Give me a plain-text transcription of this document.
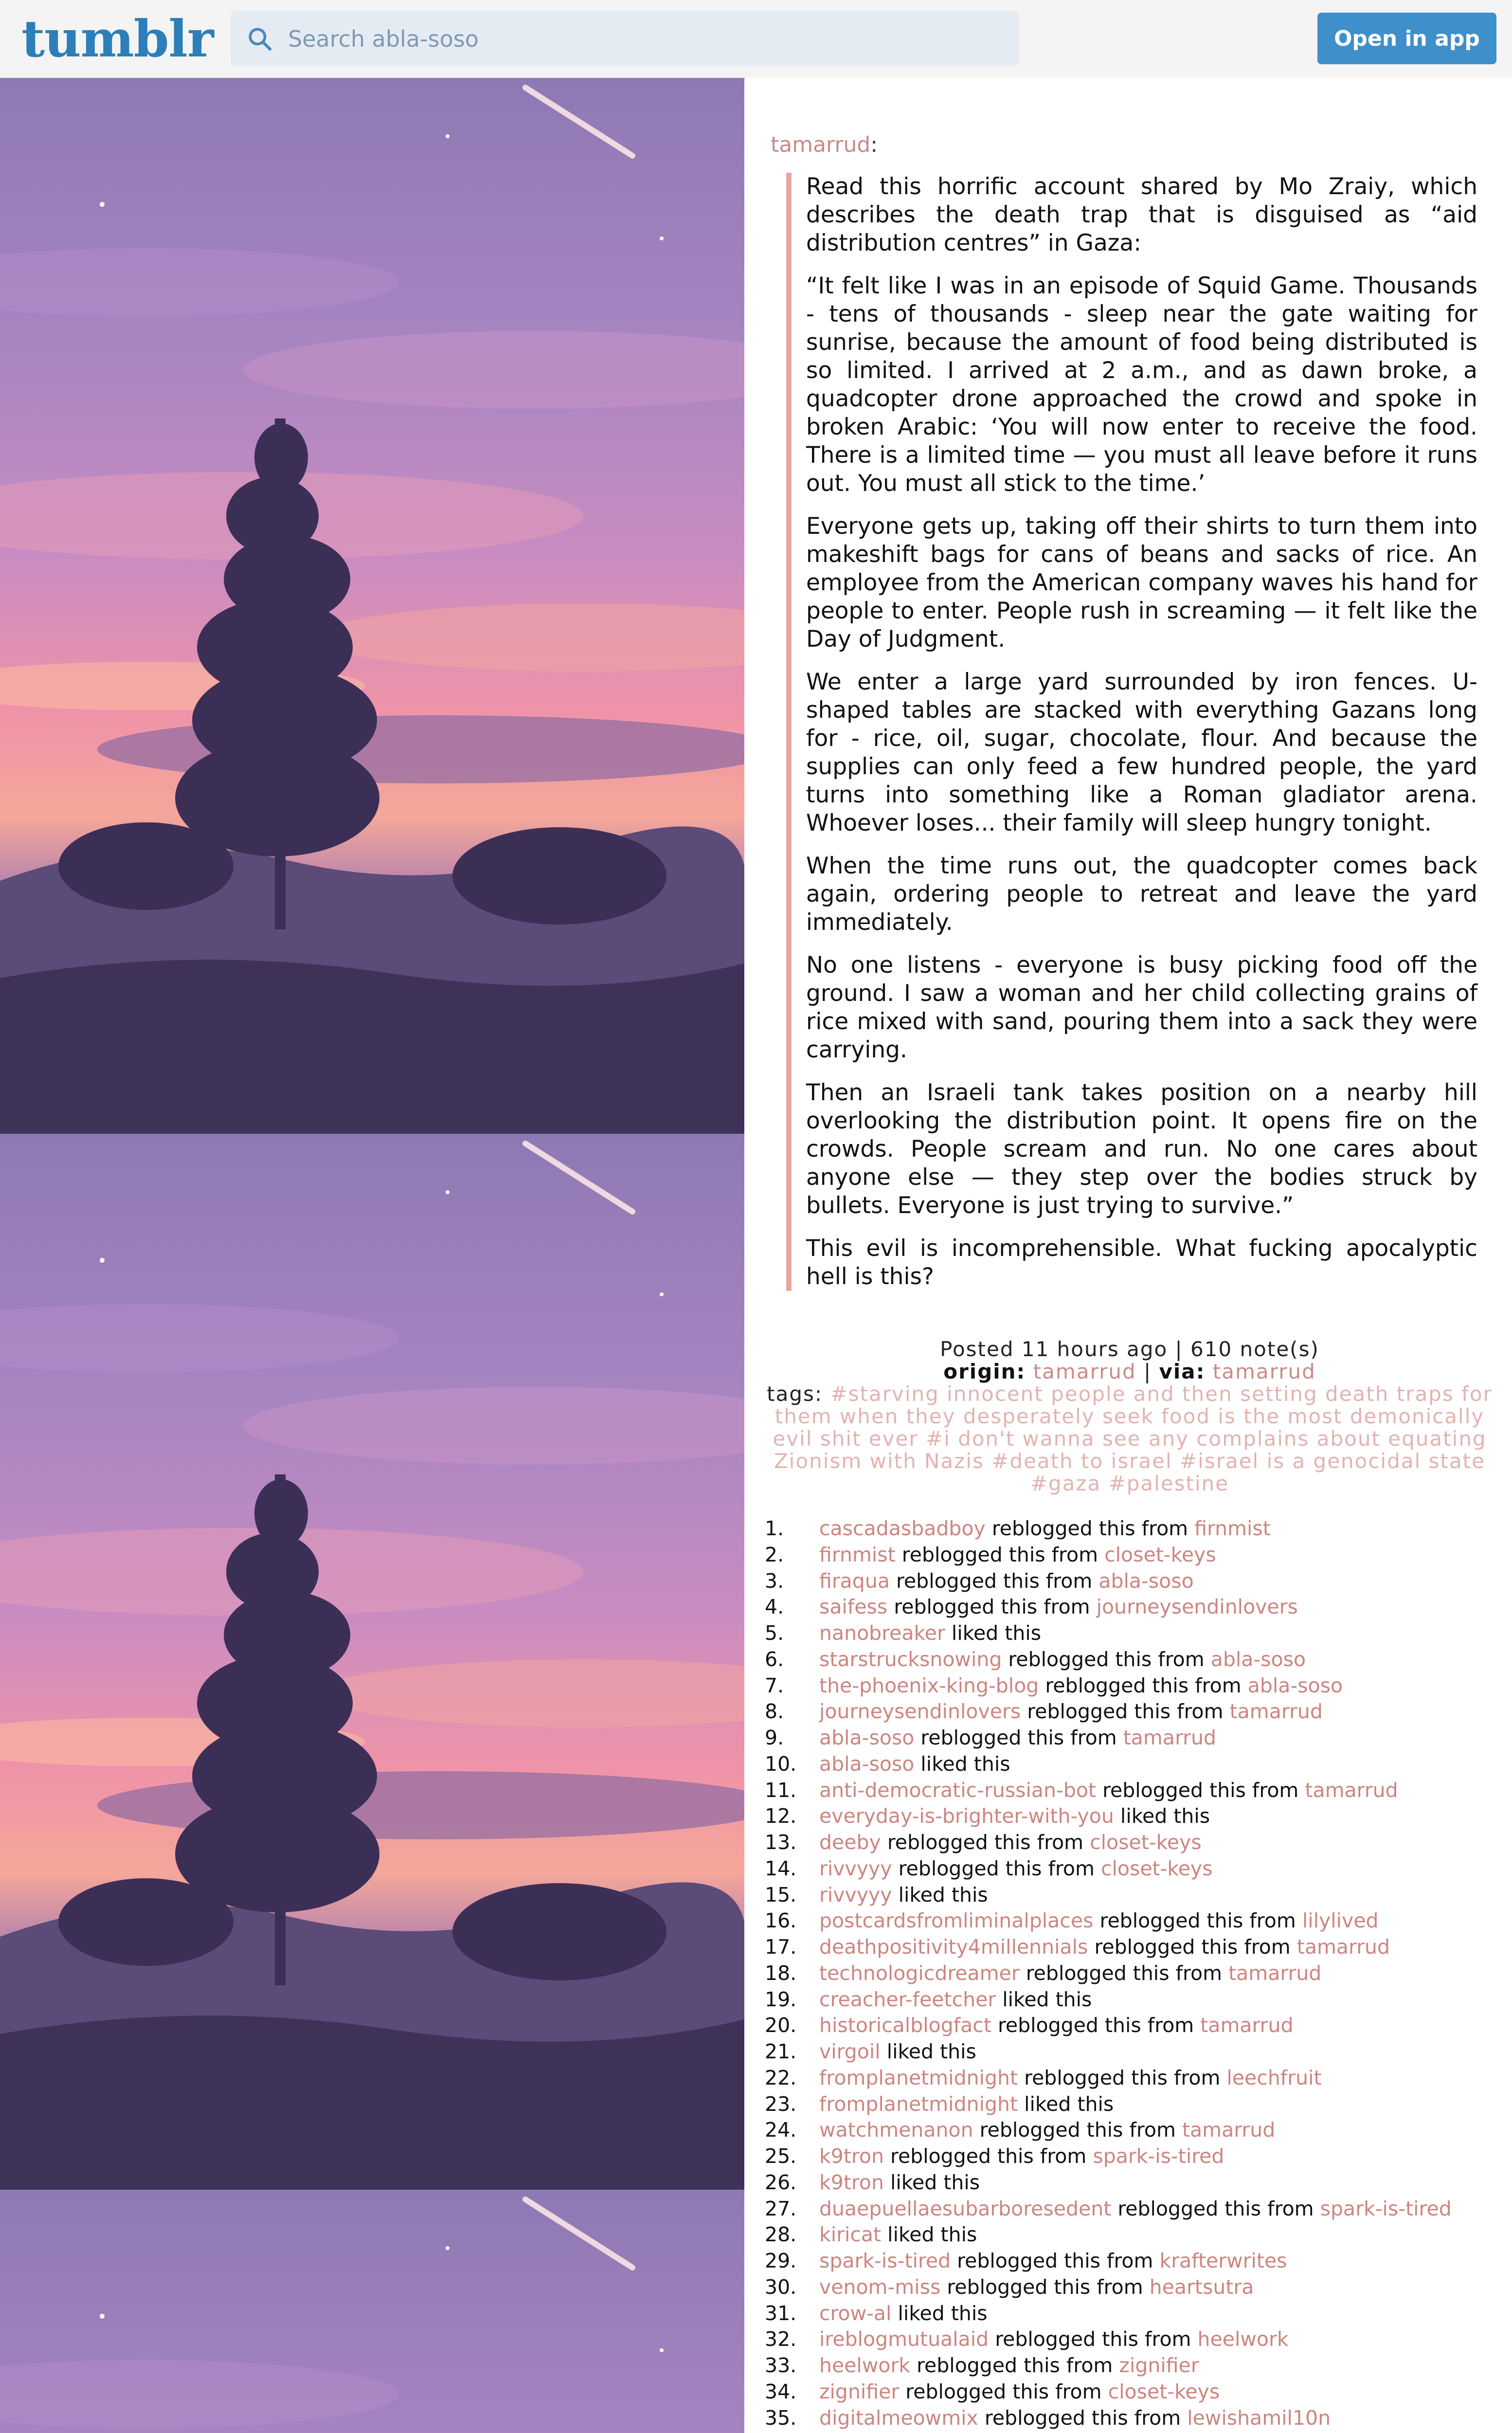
tumblr
Search abla-soso	Open in app

tamarrud:

Read this horrific account shared by Mo Zraiy, which describes the death trap that is disguised as “aid distribution centres” in Gaza:

“It felt like I was in an episode of Squid Game. Thousands - tens of thousands - sleep near the gate waiting for sunrise, because the amount of food being distributed is so limited. I arrived at 2 a.m., and as dawn broke, a quadcopter drone approached the crowd and spoke in broken Arabic: ‘You will now enter to receive the food. There is a limited time — you must all leave before it runs out. You must all stick to the time.’

Everyone gets up, taking off their shirts to turn them into makeshift bags for cans of beans and sacks of rice. An employee from the American company waves his hand for people to enter. People rush in screaming — it felt like the Day of Judgment.

We enter a large yard surrounded by iron fences. U-shaped tables are stacked with everything Gazans long for - rice, oil, sugar, chocolate, flour. And because the supplies can only feed a few hundred people, the yard turns into something like a Roman gladiator arena. Whoever loses... their family will sleep hungry tonight.

When the time runs out, the quadcopter comes back again, ordering people to retreat and leave the yard immediately.

No one listens - everyone is busy picking food off the ground. I saw a woman and her child collecting grains of rice mixed with sand, pouring them into a sack they were carrying.

Then an Israeli tank takes position on a nearby hill overlooking the distribution point. It opens fire on the crowds. People scream and run. No one cares about anyone else — they step over the bodies struck by bullets. Everyone is just trying to survive.”

This evil is incomprehensible. What fucking apocalyptic hell is this?

Posted 11 hours ago | 610 note(s)
origin: tamarrud | via: tamarrud
tags: #starving innocent people and then setting death traps for them when they desperately seek food is the most demonically evil shit ever #i don't wanna see any complains about equating Zionism with Nazis #death to israel #israel is a genocidal state #gaza #palestine
1. cascadasbadboy reblogged this from firnmist
2. firnmist reblogged this from closet-keys
3. firaqua reblogged this from abla-soso
4. saifess reblogged this from journeysendinlovers
5. nanobreaker liked this
6. starstrucksnowing reblogged this from abla-soso
7. the-phoenix-king-blog reblogged this from abla-soso
8. journeysendinlovers reblogged this from tamarrud
9. abla-soso reblogged this from tamarrud
10. abla-soso liked this
11. anti-democratic-russian-bot reblogged this from tamarrud
12. everyday-is-brighter-with-you liked this
13. deeby reblogged this from closet-keys
14. rivvyyy reblogged this from closet-keys
15. rivvyyy liked this
16. postcardsfromliminalplaces reblogged this from lilylived
17. deathpositivity4millennials reblogged this from tamarrud
18. technologicdreamer reblogged this from tamarrud
19. creacher-feetcher liked this
20. historicalblogfact reblogged this from tamarrud
21. virgoil liked this
22. fromplanetmidnight reblogged this from leechfruit
23. fromplanetmidnight liked this
24. watchmenanon reblogged this from tamarrud
25. k9tron reblogged this from spark-is-tired
26. k9tron liked this
27. duaepuellaesubarboresedent reblogged this from spark-is-tired
28. kiricat liked this
29. spark-is-tired reblogged this from krafterwrites
30. venom-miss reblogged this from heartsutra
31. crow-al liked this
32. ireblogmutualaid reblogged this from heelwork
33. heelwork reblogged this from zignifier
34. zignifier reblogged this from closet-keys
35. digitalmeowmix reblogged this from lewishamil10n
